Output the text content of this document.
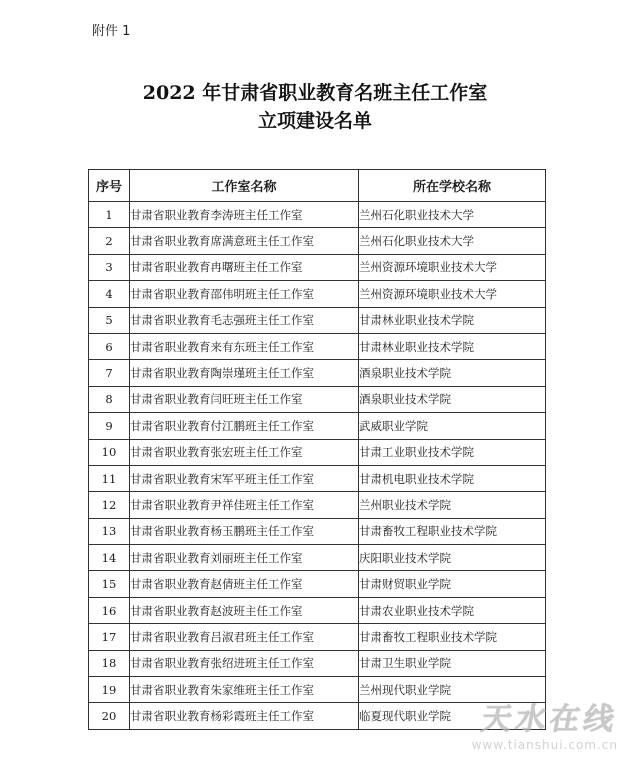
附件 1
2022 年甘肃省职业教育名班主任工作室
立项建设名单
序号	工作室名称	所在学校名称
1	甘肃省职业教育李涛班主任工作室	兰州石化职业技术大学
2	甘肃省职业教育席满意班主任工作室	兰州石化职业技术大学
3	甘肃省职业教育冉曙班主任工作室	兰州资源环境职业技术大学
4	甘肃省职业教育邵伟明班主任工作室	兰州资源环境职业技术大学
5	甘肃省职业教育毛志强班主任工作室	甘肃林业职业技术学院
6	甘肃省职业教育来有东班主任工作室	甘肃林业职业技术学院
7	甘肃省职业教育陶崇瑾班主任工作室	酒泉职业技术学院
8	甘肃省职业教育闫旺班主任工作室	酒泉职业技术学院
9	甘肃省职业教育付江鹏班主任工作室	武威职业学院
10	甘肃省职业教育张宏班主任工作室	甘肃工业职业技术学院
11	甘肃省职业教育宋军平班主任工作室	甘肃机电职业技术学院
12	甘肃省职业教育尹祥佳班主任工作室	兰州职业技术学院
13	甘肃省职业教育杨玉鹏班主任工作室	甘肃畜牧工程职业技术学院
14	甘肃省职业教育刘丽班主任工作室	庆阳职业技术学院
15	甘肃省职业教育赵倩班主任工作室	甘肃财贸职业学院
16	甘肃省职业教育赵波班主任工作室	甘肃农业职业技术学院
17	甘肃省职业教育吕淑君班主任工作室	甘肃畜牧工程职业技术学院
18	甘肃省职业教育张绍进班主任工作室	甘肃卫生职业学院
19	甘肃省职业教育朱家维班主任工作室	兰州现代职业学院
20	甘肃省职业教育杨彩霞班主任工作室	临夏现代职业学院 天水在线
www.tianshui.com.cn
